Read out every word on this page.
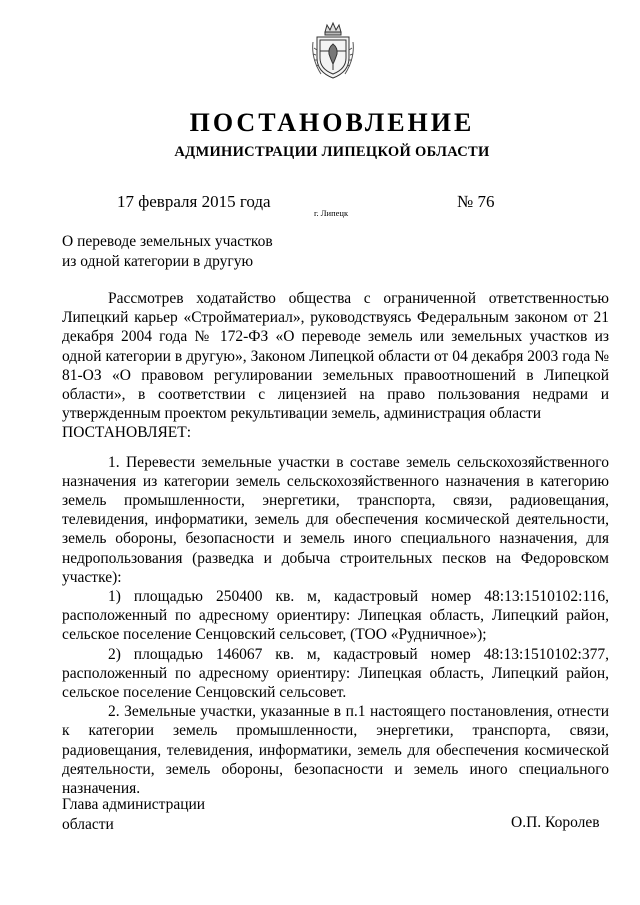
ПОСТАНОВЛЕНИЕ
АДМИНИСТРАЦИИ ЛИПЕЦКОЙ ОБЛАСТИ
17 февраля 2015 года
г. Липецк
№ 76
О переводе земельных участков
из одной категории в другую

Рассмотрев ходатайство общества с ограниченной ответственностью Липецкий карьер «Стройматериал», руководствуясь Федеральным законом от 21 декабря 2004 года № 172-ФЗ «О переводе земель или земельных участков из одной категории в другую», Законом Липецкой области от 04 декабря 2003 года № 81-ОЗ «О правовом регулировании земельных правоотношений в Липецкой области», в соответствии с лицензией на право пользования недрами и утвержденным проектом рекультивации земель, администрация области

ПОСТАНОВЛЯЕТ:

1. Перевести земельные участки в составе земель сельскохозяйственного назначения из категории земель сельскохозяйственного назначения в категорию земель промышленности, энергетики, транспорта, связи, радиовещания, телевидения, информатики, земель для обеспечения космической деятельности, земель обороны, безопасности и земель иного специального назначения, для недропользования (разведка и добыча строительных песков на Федоровском участке):

1) площадью 250400 кв. м, кадастровый номер 48:13:1510102:116, расположенный по адресному ориентиру: Липецкая область, Липецкий район, сельское поселение Сенцовский сельсовет, (ТОО «Рудничное»);

2) площадью 146067 кв. м, кадастровый номер 48:13:1510102:377, расположенный по адресному ориентиру: Липецкая область, Липецкий район, сельское поселение Сенцовский сельсовет.

2. Земельные участки, указанные в п.1 настоящего постановления, отнести к категории земель промышленности, энергетики, транспорта, связи, радиовещания, телевидения, информатики, земель для обеспечения космической деятельности, земель обороны, безопасности и земель иного специального назначения.

Глава администрации
области	О.П. Королев
